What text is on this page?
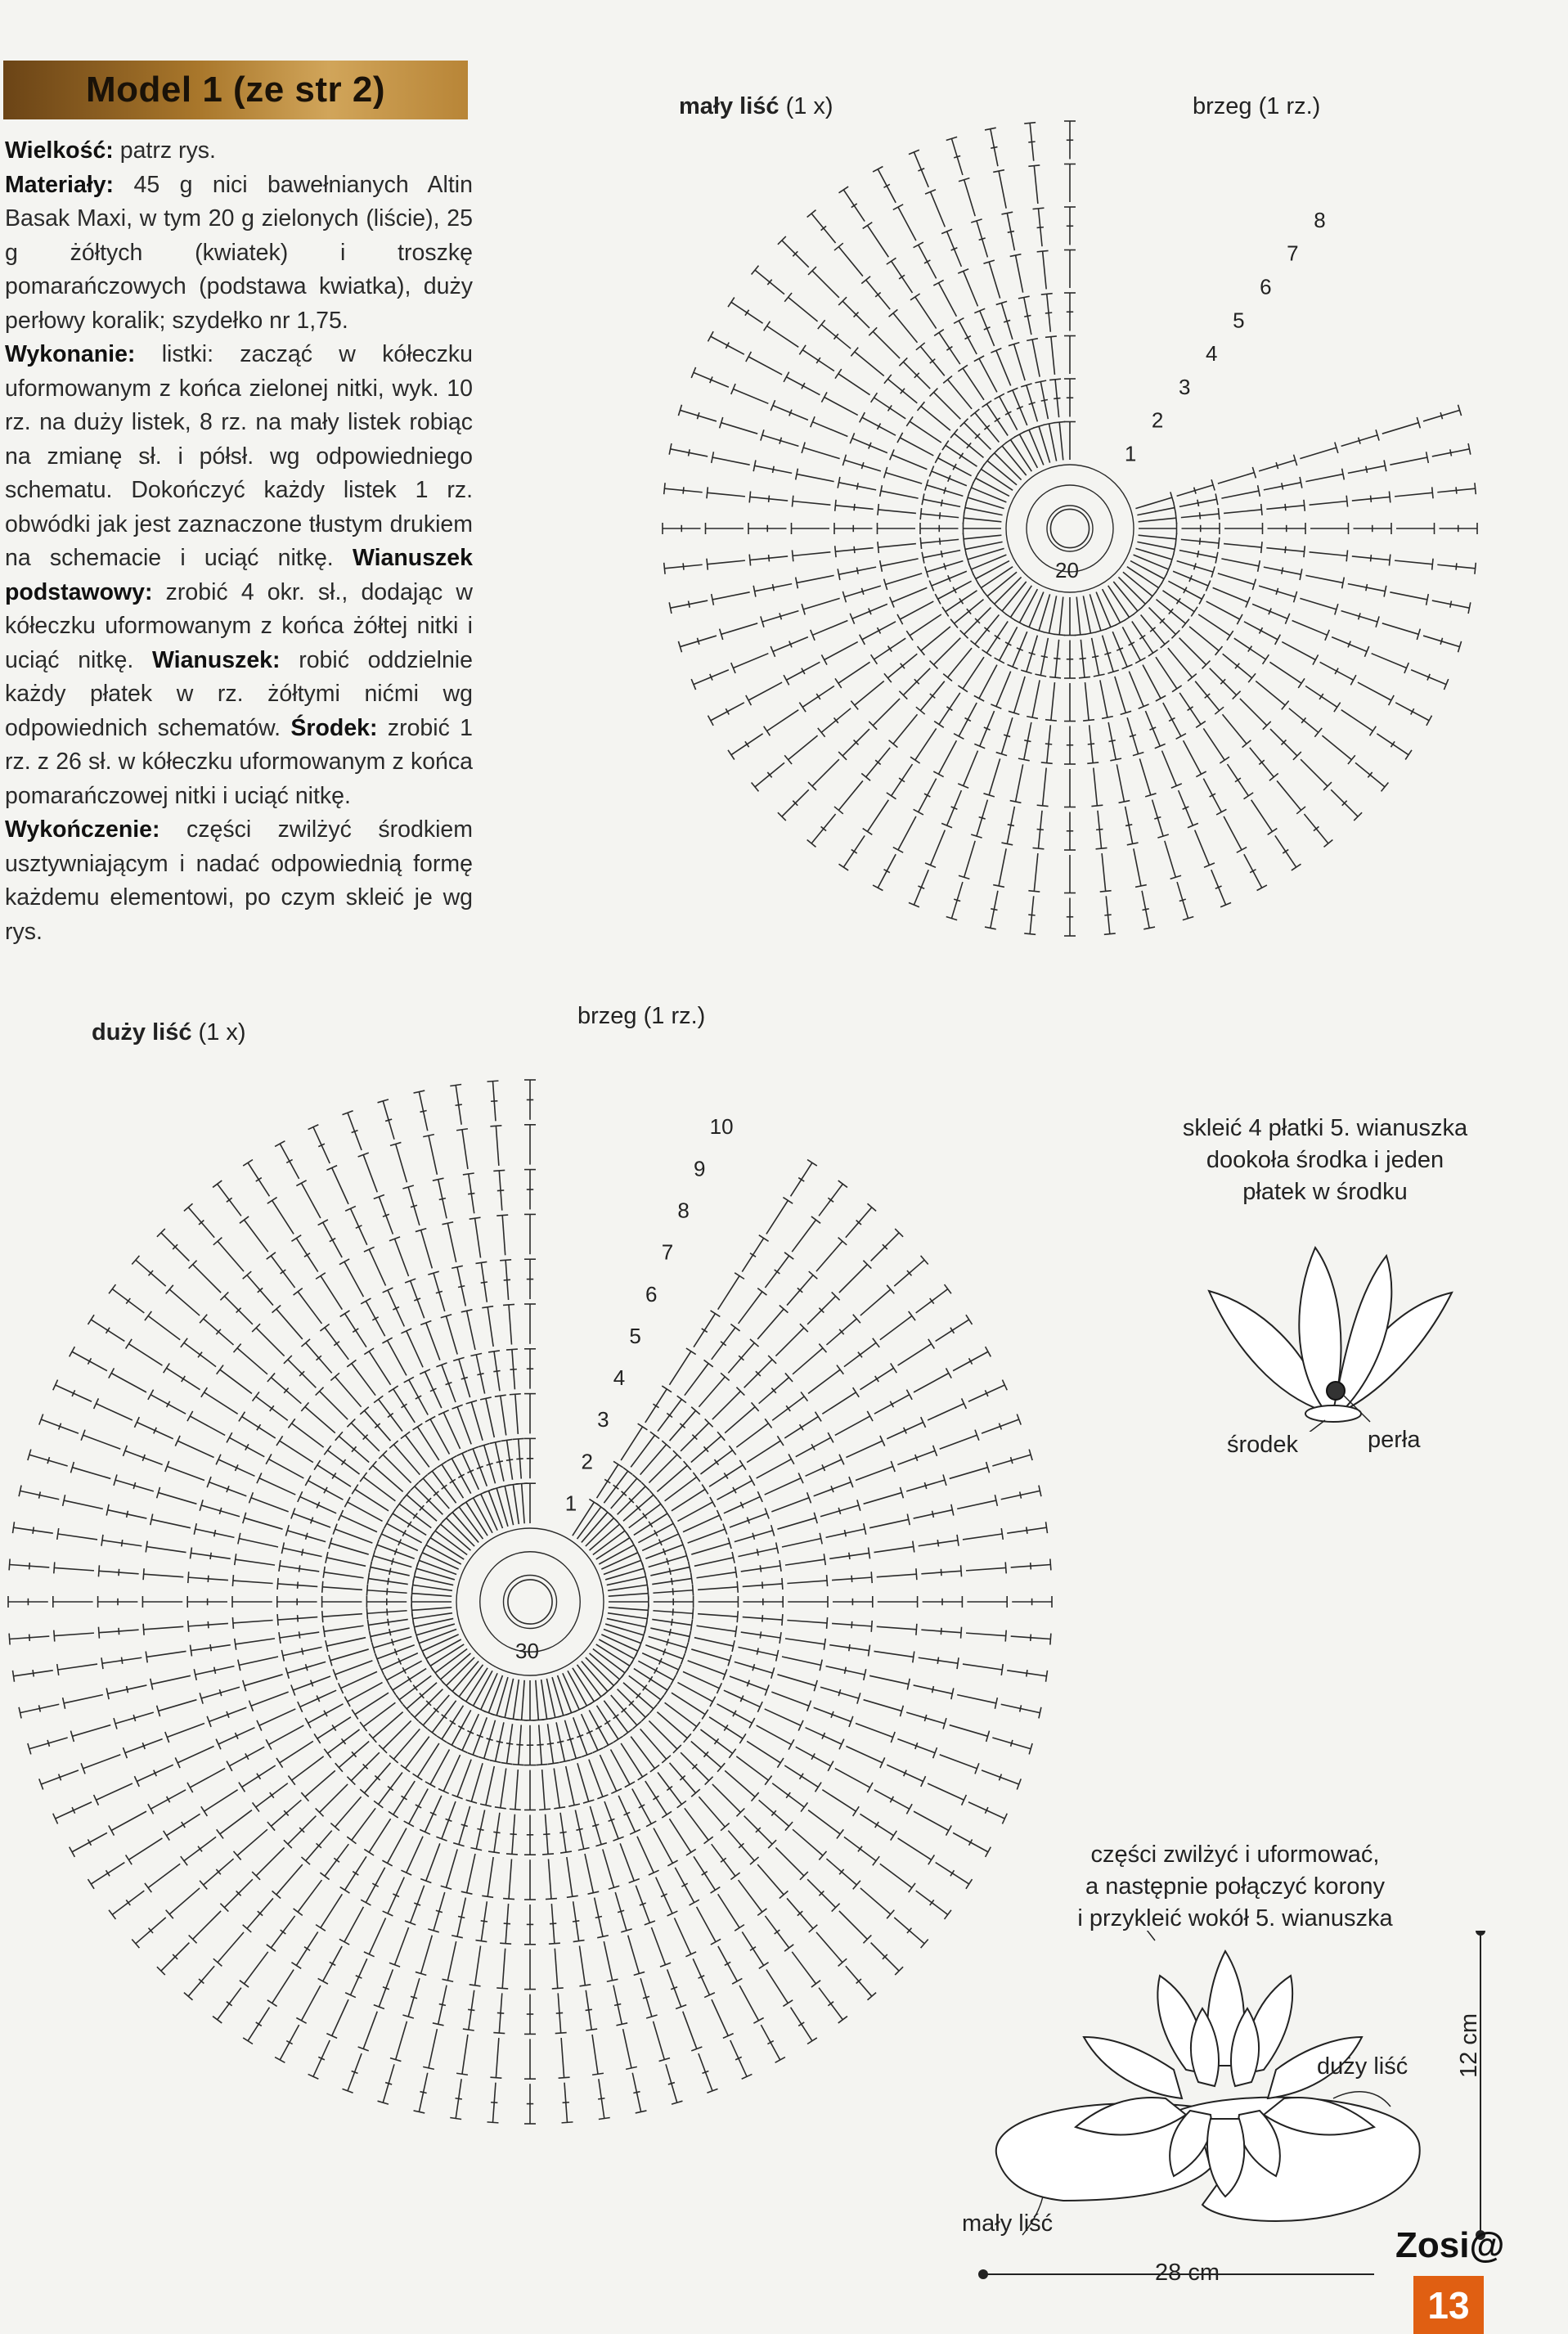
Model 1 (ze str 2)

Wielkość: patrz rys.

Materiały: 45 g nici bawełnianych Altin Basak Maxi, w tym 20 g zielonych (liście), 25 g żółtych (kwiatek) i troszkę pomarańczowych (podstawa kwiatka), duży perłowy koralik; szydełko nr 1,75.

Wykonanie: listki: zacząć w kółeczku uformowanym z końca zielonej nitki, wyk. 10 rz. na duży listek, 8 rz. na mały listek robiąc na zmianę sł. i półsł. wg odpowiedniego schematu. Dokończyć każdy listek 1 rz. obwódki jak jest zaznaczone tłustym drukiem na schemacie i uciąć nitkę. Wianuszek podstawowy: zrobić 4 okr. sł., dodając w kółeczku uformowanym z końca żółtej nitki i uciąć nitkę. Wianuszek: robić oddzielnie każdy płatek w rz. żółtymi nićmi wg odpowiednich schematów. Środek: zrobić 1 rz. z 26 sł. w kółeczku uformowanym z końca pomarańczowej nitki i uciąć nitkę.

Wykończenie: części zwilżyć środkiem usztywniającym i nadać odpowiednią formę każdemu elementowi, po czym skleić je wg rys.

mały liść (1 x)	brzeg (1 rz.)
1
2
3
4
5
6
7
8
20
duży liść (1 x)
brzeg (1 rz.)
1
2
3
4
5
6
7
8
9
10
30
skleić 4 płatki 5. wianuszka
dookoła środka i jeden
płatek w środku
środek	perła
części zwilżyć i uformować,
a następnie połączyć korony
i przykleić wokół 5. wianuszka
duży liść
mały liść
12 cm
28 cm
Zosi@
13
